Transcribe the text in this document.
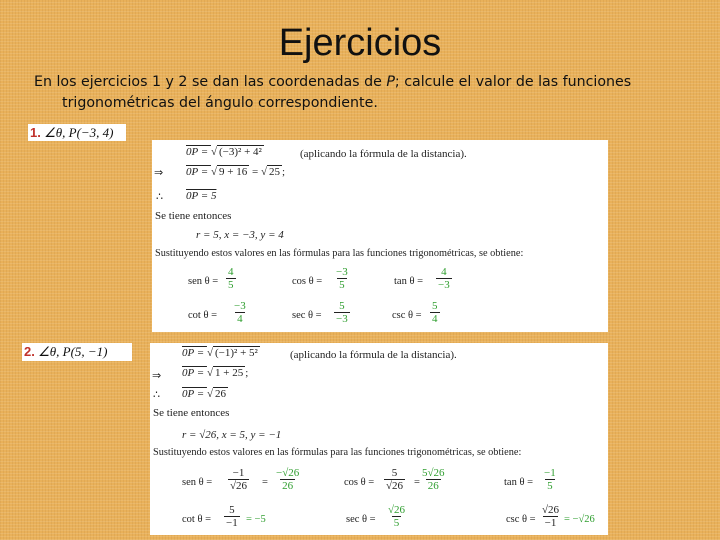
Ejercicios
En los ejercicios 1 y 2 se dan las coordenadas de P; calcule el valor de las funciones
trigonométricas del ángulo correspondiente.
1. ∠θ, P(−3, 4)
0P = √ (−3)² + 4²	(aplicando la fórmula de la distancia).
⇒ 0P = √ 9 + 16 = √ 25 ;
∴ 0P = 5
Se tiene entonces
r = 5, x = −3, y = 4
Sustituyendo estos valores en las fórmulas para las funciones trigonométricas, se obtiene:
sen $\theta = \frac{4}{5}$	$\cos \theta = \frac{-3}{5}$	$\tan \theta = \frac{4}{-3}$
$\cot \theta = \frac{-3}{4}$	$\sec \theta = \frac{5}{-3}$	$\csc \theta = \frac{5}{4}$
2. ∠θ, P(5, −1)	0P = √ (−1)² + 5²	(aplicando la fórmula de la distancia).
⇒ 0P = √ 1 + 25 ;
∴ 0P = √ 26
Se tiene entonces
r = √26, x = 5, y = −1
Sustituyendo estos valores en las fórmulas para las funciones trigonométricas, se obtiene:
sen $\theta = \frac{-1}{√26} = \frac{-√26}{26}$	$\cos \theta = \frac{5}{√26} = \frac{5√26}{26}$	$\tan \theta = \frac{-1}{5}$
$\cot \theta = \frac{5}{-1} = -5$	$\sec \theta = \frac{√26}{5}$	$\csc \theta = \frac{√26}{-1} = -√26$
